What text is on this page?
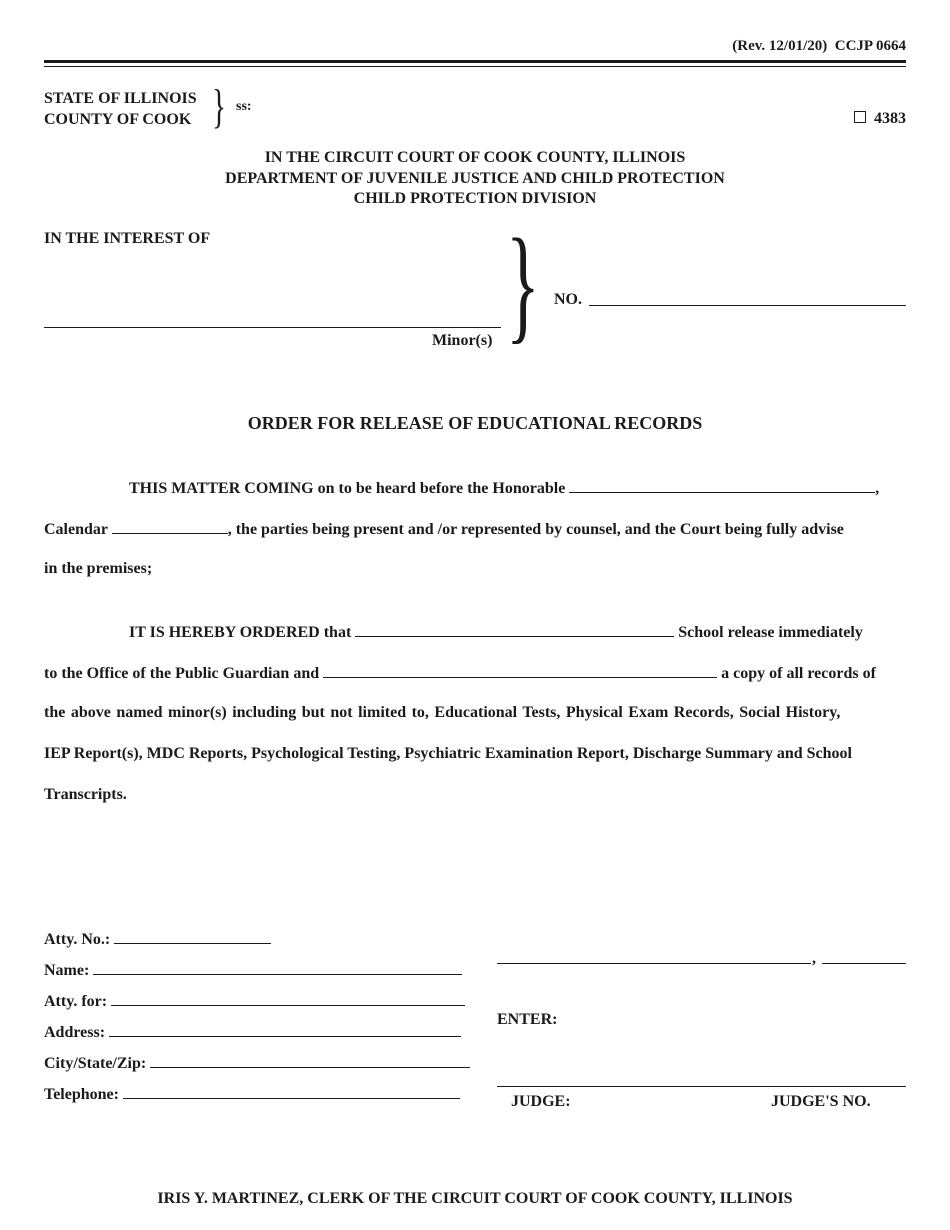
(Rev. 12/01/20) CCJP 0664
STATE OF ILLINOIS
COUNTY OF COOK } ss:
4383
IN THE CIRCUIT COURT OF COOK COUNTY, ILLINOIS
DEPARTMENT OF JUVENILE JUSTICE AND CHILD PROTECTION
CHILD PROTECTION DIVISION
IN THE INTEREST OF
Minor(s) } NO.
ORDER FOR RELEASE OF EDUCATIONAL RECORDS
THIS MATTER COMING on to be heard before the Honorable	,
Calendar	, the parties being present and /or represented by counsel, and the Court being fully advise
in the premises;
IT IS HEREBY ORDERED that	School release immediately
to the Office of the Public Guardian and	a copy of all records of
the above named minor(s) including but not limited to, Educational Tests, Physical Exam Records, Social History,
IEP Report(s), MDC Reports, Psychological Testing, Psychiatric Examination Report, Discharge Summary and School
Transcripts.
Atty. No.:
Name:
Atty. for:
Address:
City/State/Zip:
Telephone:
,
ENTER:
JUDGE:	JUDGE'S NO.
IRIS Y. MARTINEZ, CLERK OF THE CIRCUIT COURT OF COOK COUNTY, ILLINOIS
